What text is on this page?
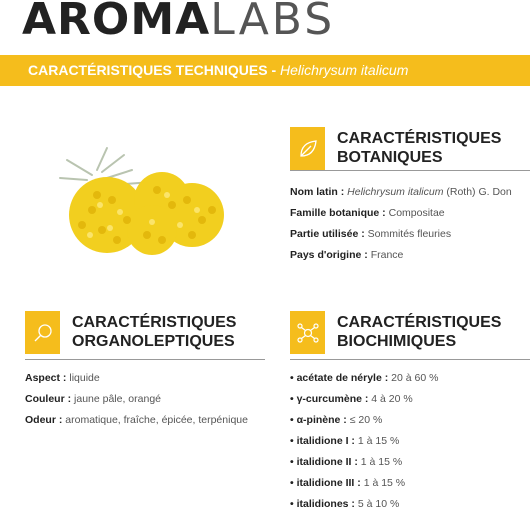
AROMALABS
CARACTÉRISTIQUES TECHNIQUES - Helichrysum italicum
CARACTÉRISTIQUES
BOTANIQUES
Nom latin : Helichrysum italicum (Roth) G. Don
Famille botanique : Compositae
Partie utilisée : Sommités fleuries
Pays d'origine : France
CARACTÉRISTIQUES
ORGANOLEPTIQUES
Aspect : liquide
Couleur : jaune pâle, orangé
Odeur : aromatique, fraîche, épicée, terpénique
CARACTÉRISTIQUES
BIOCHIMIQUES
• acétate de néryle : 20 à 60 %
• γ-curcumène : 4 à 20 %
• α-pinène : ≤ 20 %
• italidione I : 1 à 15 %
• italidione II : 1 à 15 %
• italidione III : 1 à 15 %
• italidiones : 5 à 10 %
